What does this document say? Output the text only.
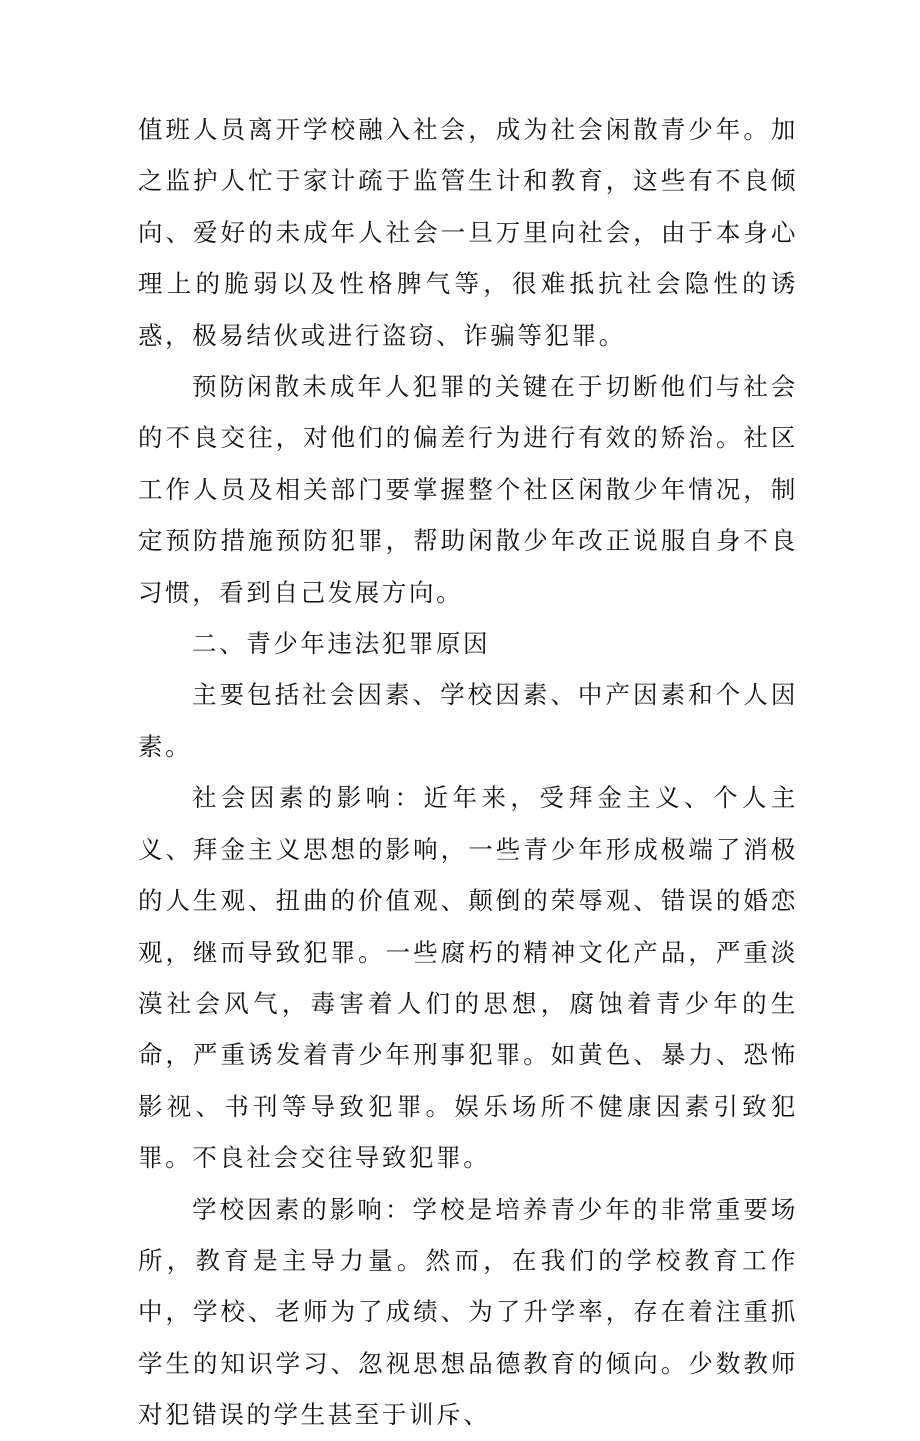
值班人员离开学校融入社会，成为社会闲散青少年。加之监护人忙于家计疏于监管生计和教育，这些有不良倾向、爱好的未成年人社会一旦万里向社会，由于本身心理上的脆弱以及性格脾气等，很难抵抗社会隐性的诱惑，极易结伙或进行盗窃、诈骗等犯罪。

预防闲散未成年人犯罪的关键在于切断他们与社会的不良交往，对他们的偏差行为进行有效的矫治。社区工作人员及相关部门要掌握整个社区闲散少年情况，制定预防措施预防犯罪，帮助闲散少年改正说服自身不良习惯，看到自己发展方向。

二、青少年违法犯罪原因

主要包括社会因素、学校因素、中产因素和个人因素。

社会因素的影响：近年来，受拜金主义、个人主义、拜金主义思想的影响，一些青少年形成极端了消极的人生观、扭曲的价值观、颠倒的荣辱观、错误的婚恋观，继而导致犯罪。一些腐朽的精神文化产品，严重淡漠社会风气，毒害着人们的思想，腐蚀着青少年的生命，严重诱发着青少年刑事犯罪。如黄色、暴力、恐怖影视、书刊等导致犯罪。娱乐场所不健康因素引致犯罪。不良社会交往导致犯罪。

学校因素的影响：学校是培养青少年的非常重要场所，教育是主导力量。然而，在我们的学校教育工作中，学校、老师为了成绩、为了升学率，存在着注重抓学生的知识学习、忽视思想品德教育的倾向。少数教师对犯错误的学生甚至于训斥、
